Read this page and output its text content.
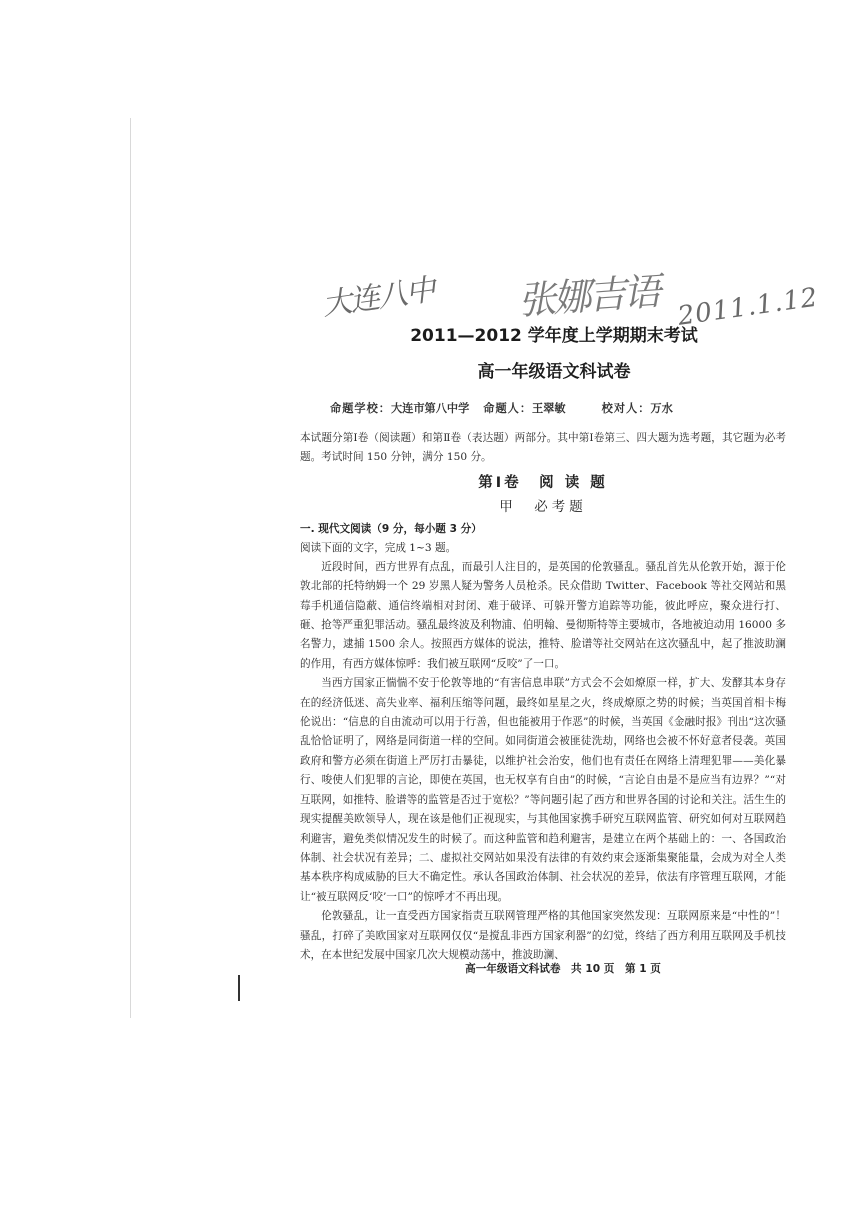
大连八中 张娜吉语 2011.1.12
2011—2012 学年度上学期期末考试
高一年级语文科试卷
命题学校： 大连市第八中学 命题人： 王翠敏	校对人： 万水

本试题分第Ⅰ卷（阅读题）和第Ⅱ卷（表达题）两部分。其中第Ⅰ卷第三、四大题为选考题，其它题为必考题。考试时间 150 分钟，满分 150 分。

第Ⅰ卷　阅 读 题
甲　必考题
一. 现代文阅读（9 分，每小题 3 分）
阅读下面的文字，完成 1~3 题。

近段时间，西方世界有点乱，而最引人注目的，是英国的伦敦骚乱。骚乱首先从伦敦开始，源于伦敦北部的托特纳姆一个 29 岁黑人疑为警务人员枪杀。民众借助 Twitter、Facebook 等社交网站和黑莓手机通信隐蔽、通信终端相对封闭、难于破译、可躲开警方追踪等功能，彼此呼应，聚众进行打、砸、抢等严重犯罪活动。骚乱最终波及利物浦、伯明翰、曼彻斯特等主要城市，各地被迫动用 16000 多名警力，逮捕 1500 余人。按照西方媒体的说法，推特、脸谱等社交网站在这次骚乱中，起了推波助澜的作用，有西方媒体惊呼：我们被互联网“反咬”了一口。

当西方国家正惴惴不安于伦敦等地的“有害信息串联”方式会不会如燎原一样，扩大、发酵其本身存在的经济低迷、高失业率、福利压缩等问题，最终如星星之火，终成燎原之势的时候；当英国首相卡梅伦说出：“信息的自由流动可以用于行善，但也能被用于作恶”的时候，当英国《金融时报》刊出“这次骚乱恰恰证明了，网络是同街道一样的空间。如同街道会被匪徒洗劫，网络也会被不怀好意者侵袭。英国政府和警方必须在街道上严厉打击暴徒，以维护社会治安，他们也有责任在网络上清理犯罪——美化暴行、唆使人们犯罪的言论，即使在英国，也无权享有自由”的时候，“言论自由是不是应当有边界？”“对互联网，如推特、脸谱等的监管是否过于宽松？”等问题引起了西方和世界各国的讨论和关注。活生生的现实提醒美欧领导人，现在该是他们正视现实，与其他国家携手研究互联网监管、研究如何对互联网趋利避害，避免类似情况发生的时候了。而这种监管和趋利避害，是建立在两个基础上的：一、各国政治体制、社会状况有差异；二、虚拟社交网站如果没有法律的有效约束会逐渐集聚能量，会成为对全人类基本秩序构成威胁的巨大不确定性。承认各国政治体制、社会状况的差异，依法有序管理互联网，才能让“被互联网反‘咬’一口”的惊呼才不再出现。

伦敦骚乱，让一直受西方国家指责互联网管理严格的其他国家突然发现：互联网原来是“中性的”！骚乱，打碎了美欧国家对互联网仅仅“是搅乱非西方国家利器”的幻觉，终结了西方利用互联网及手机技术，在本世纪发展中国家几次大规模动荡中，推波助澜、

高一年级语文科试卷　共 10 页　第 1 页
